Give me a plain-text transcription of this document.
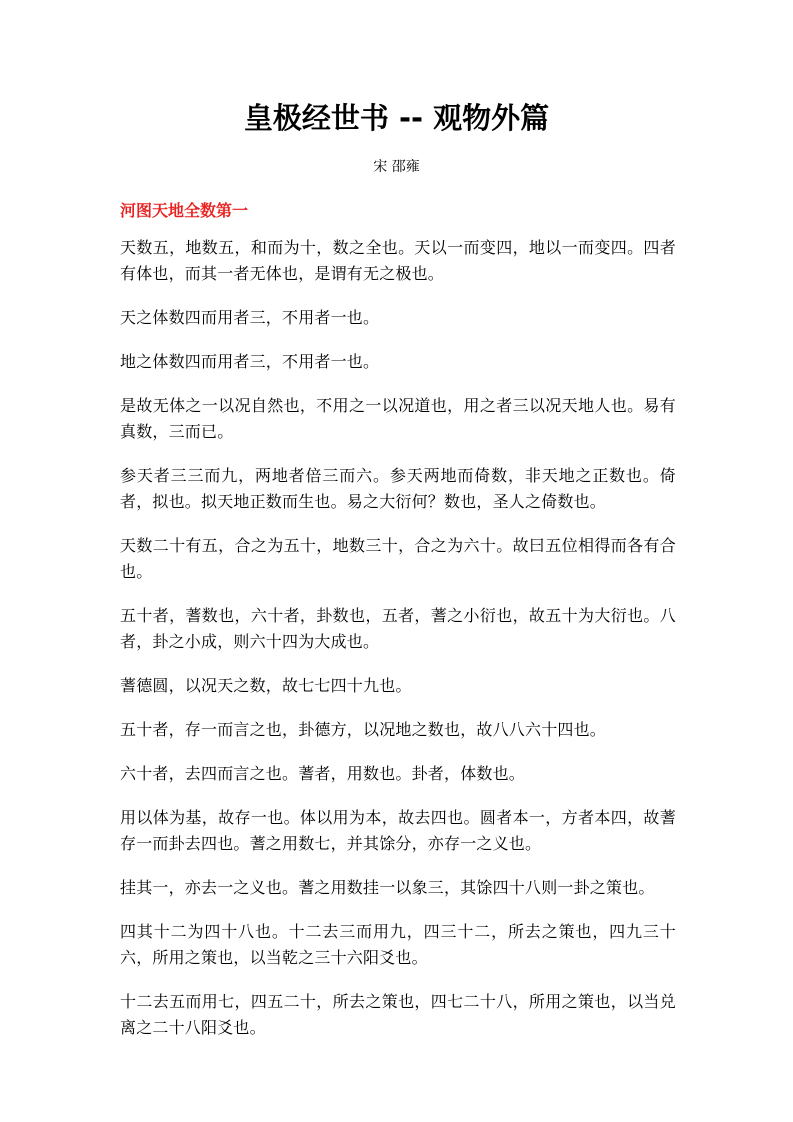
皇极经世书 -- 观物外篇
宋 邵雍
河图天地全数第一

天数五，地数五，和而为十，数之全也。天以一而变四，地以一而变四。四者有体也，而其一者无体也，是谓有无之极也。

天之体数四而用者三，不用者一也。

地之体数四而用者三，不用者一也。

是故无体之一以况自然也，不用之一以况道也，用之者三以况天地人也。易有真数，三而已。

参天者三三而九，两地者倍三而六。参天两地而倚数，非天地之正数也。倚者，拟也。拟天地正数而生也。易之大衍何？数也，圣人之倚数也。

天数二十有五，合之为五十，地数三十，合之为六十。故曰五位相得而各有合也。

五十者，蓍数也，六十者，卦数也，五者，蓍之小衍也，故五十为大衍也。八者，卦之小成，则六十四为大成也。

蓍德圆，以况天之数，故七七四十九也。

五十者，存一而言之也，卦德方，以况地之数也，故八八六十四也。

六十者，去四而言之也。蓍者，用数也。卦者，体数也。

用以体为基，故存一也。体以用为本，故去四也。圆者本一，方者本四，故蓍存一而卦去四也。蓍之用数七，并其馀分，亦存一之义也。

挂其一，亦去一之义也。蓍之用数挂一以象三，其馀四十八则一卦之策也。

四其十二为四十八也。十二去三而用九，四三十二，所去之策也，四九三十六，所用之策也，以当乾之三十六阳爻也。

十二去五而用七，四五二十，所去之策也，四七二十八，所用之策也，以当兑离之二十八阳爻也。
